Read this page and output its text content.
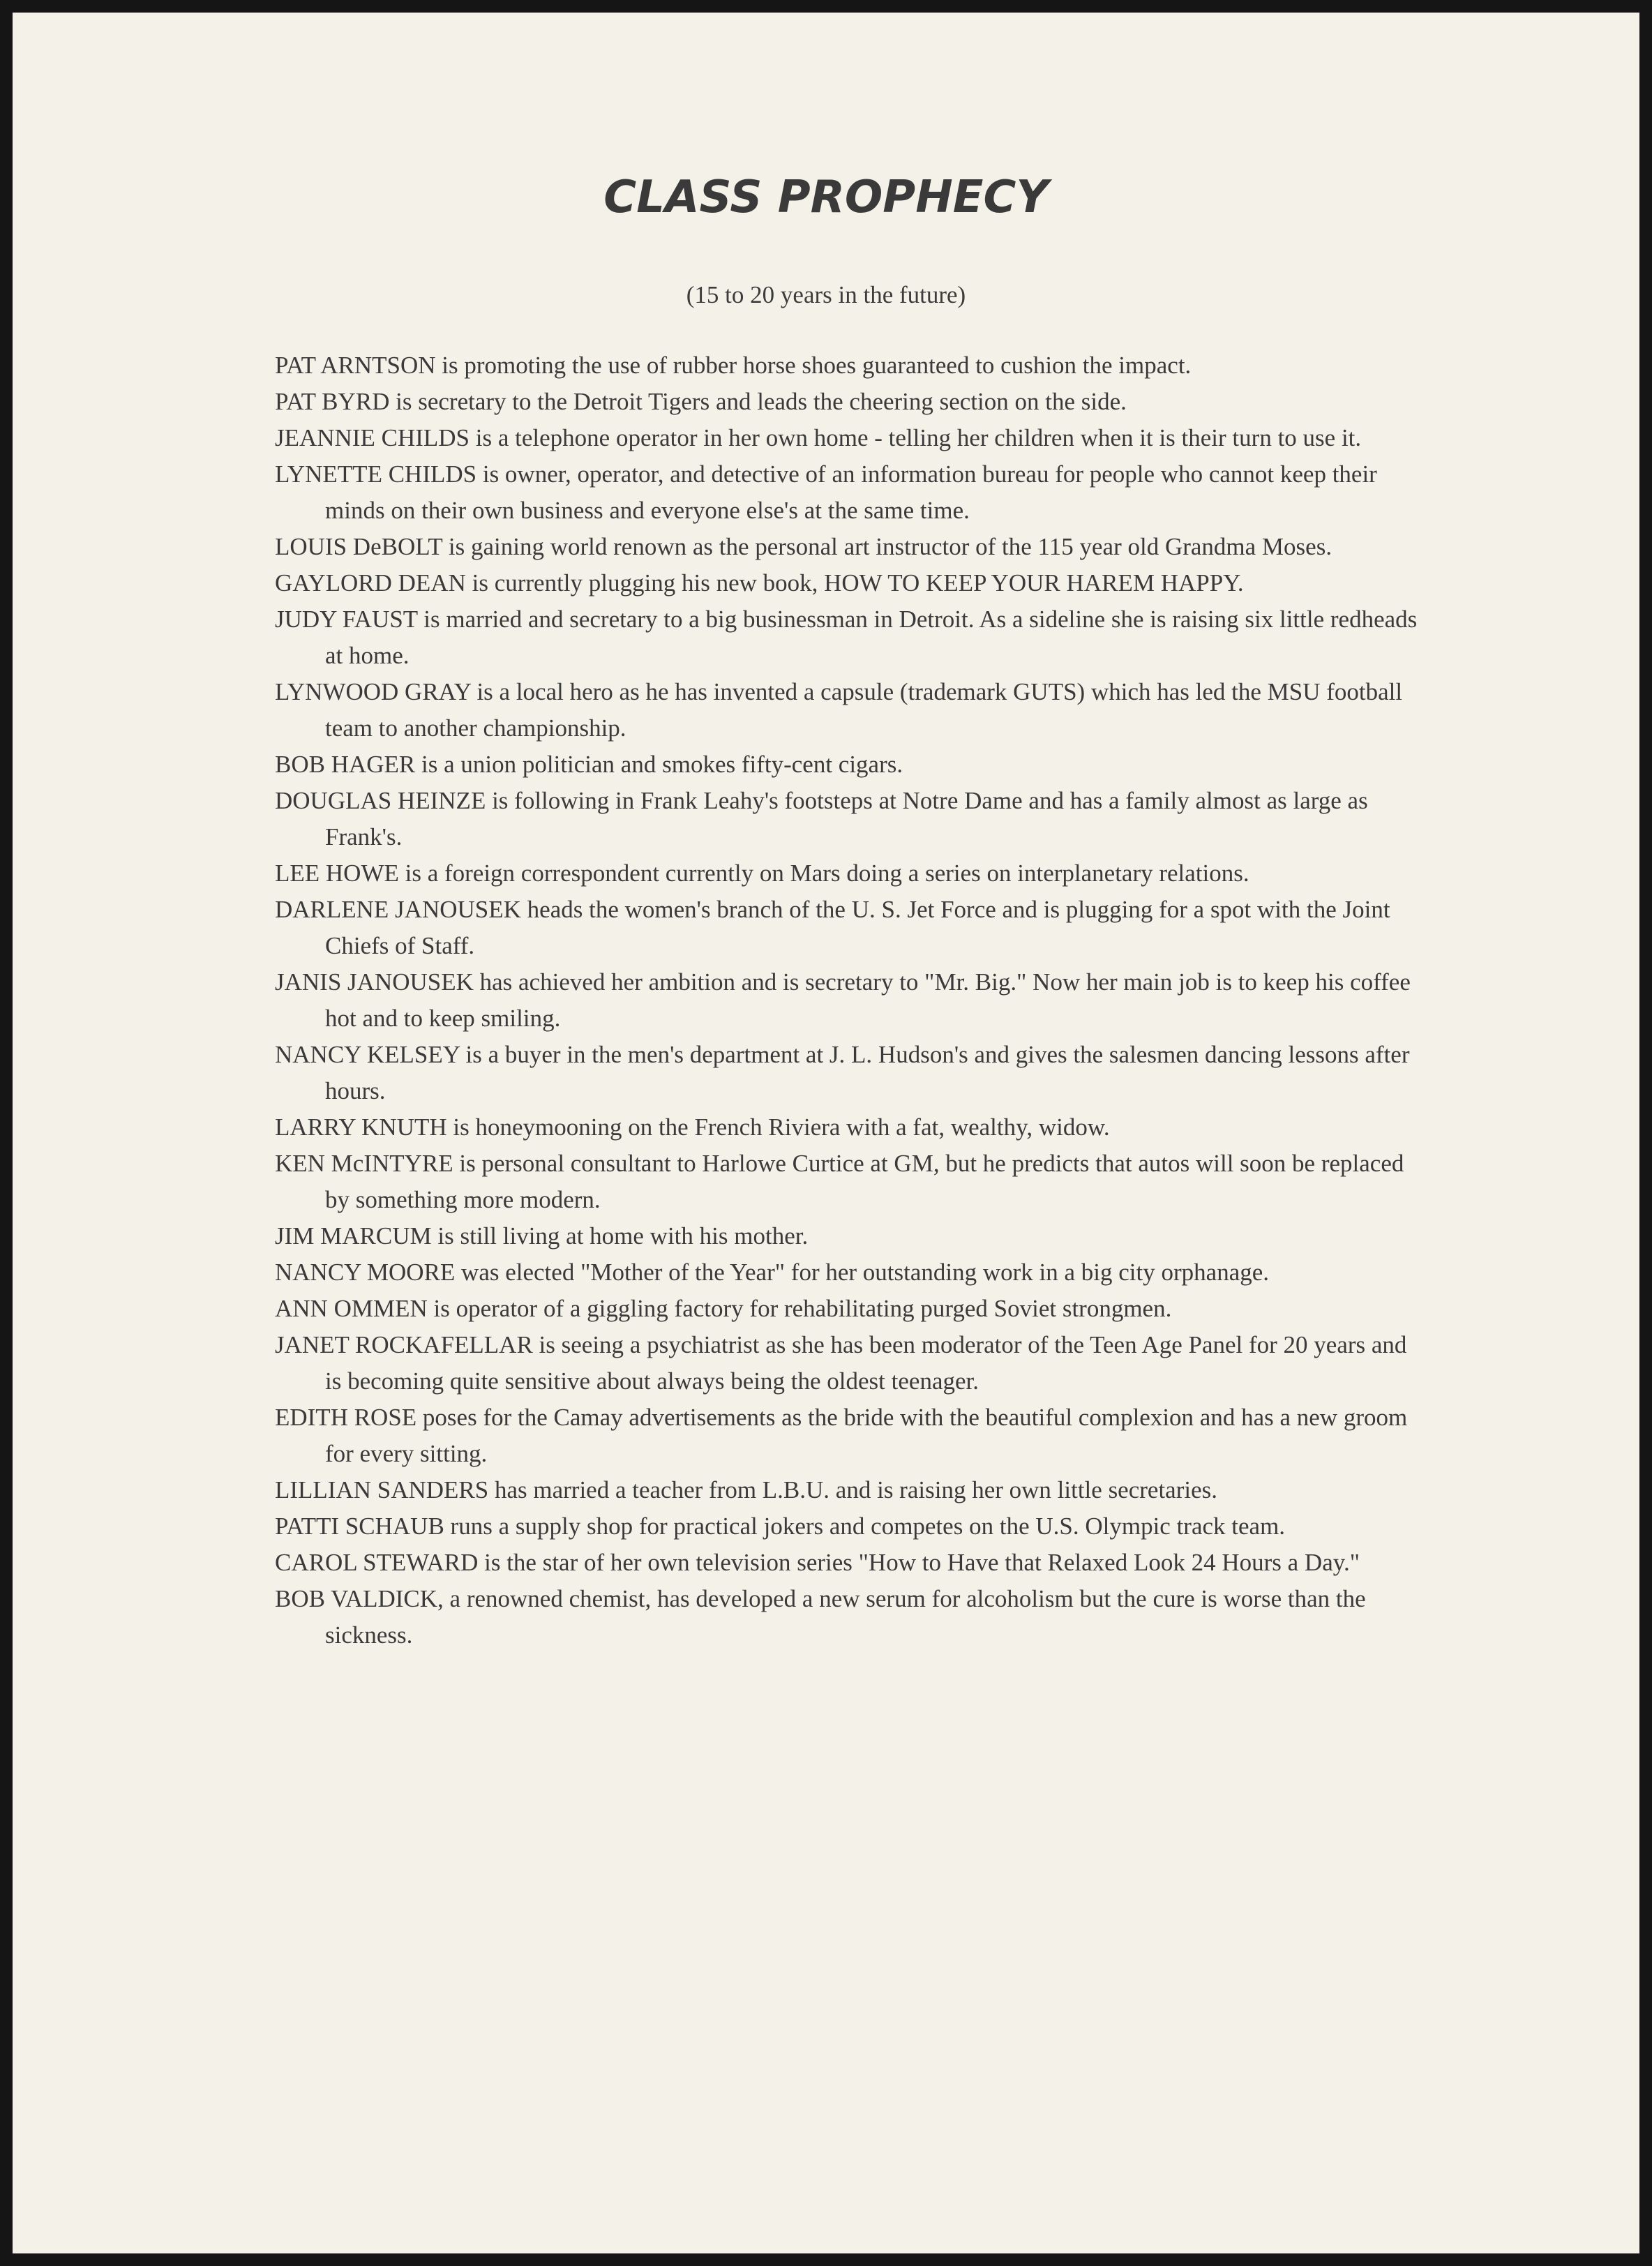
CLASS PROPHECY

(15 to 20 years in the future)

PAT ARNTSON is promoting the use of rubber horse shoes guaranteed to cushion the impact.
PAT BYRD is secretary to the Detroit Tigers and leads the cheering section on the side.
JEANNIE CHILDS is a telephone operator in her own home - telling her children when it is their turn to use it.
LYNETTE CHILDS is owner, operator, and detective of an information bureau for people who cannot keep their minds on their own business and everyone else's at the same time.
LOUIS DeBOLT is gaining world renown as the personal art instructor of the 115 year old Grandma Moses.
GAYLORD DEAN is currently plugging his new book, HOW TO KEEP YOUR HAREM HAPPY.
JUDY FAUST is married and secretary to a big businessman in Detroit. As a sideline she is raising six little redheads at home.
LYNWOOD GRAY is a local hero as he has invented a capsule (trademark GUTS) which has led the MSU football team to another championship.
BOB HAGER is a union politician and smokes fifty-cent cigars.
DOUGLAS HEINZE is following in Frank Leahy's footsteps at Notre Dame and has a family almost as large as Frank's.
LEE HOWE is a foreign correspondent currently on Mars doing a series on interplanetary relations.
DARLENE JANOUSEK heads the women's branch of the U. S. Jet Force and is plugging for a spot with the Joint Chiefs of Staff.
JANIS JANOUSEK has achieved her ambition and is secretary to "Mr. Big." Now her main job is to keep his coffee hot and to keep smiling.
NANCY KELSEY is a buyer in the men's department at J. L. Hudson's and gives the salesmen dancing lessons after hours.
LARRY KNUTH is honeymooning on the French Riviera with a fat, wealthy, widow.
KEN McINTYRE is personal consultant to Harlowe Curtice at GM, but he predicts that autos will soon be replaced by something more modern.
JIM MARCUM is still living at home with his mother.
NANCY MOORE was elected "Mother of the Year" for her outstanding work in a big city orphanage.
ANN OMMEN is operator of a giggling factory for rehabilitating purged Soviet strongmen.
JANET ROCKAFELLAR is seeing a psychiatrist as she has been moderator of the Teen Age Panel for 20 years and is becoming quite sensitive about always being the oldest teenager.
EDITH ROSE poses for the Camay advertisements as the bride with the beautiful complexion and has a new groom for every sitting.
LILLIAN SANDERS has married a teacher from L.B.U. and is raising her own little secretaries.
PATTI SCHAUB runs a supply shop for practical jokers and competes on the U.S. Olympic track team.
CAROL STEWARD is the star of her own television series "How to Have that Relaxed Look 24 Hours a Day."
BOB VALDICK, a renowned chemist, has developed a new serum for alcoholism but the cure is worse than the sickness.
